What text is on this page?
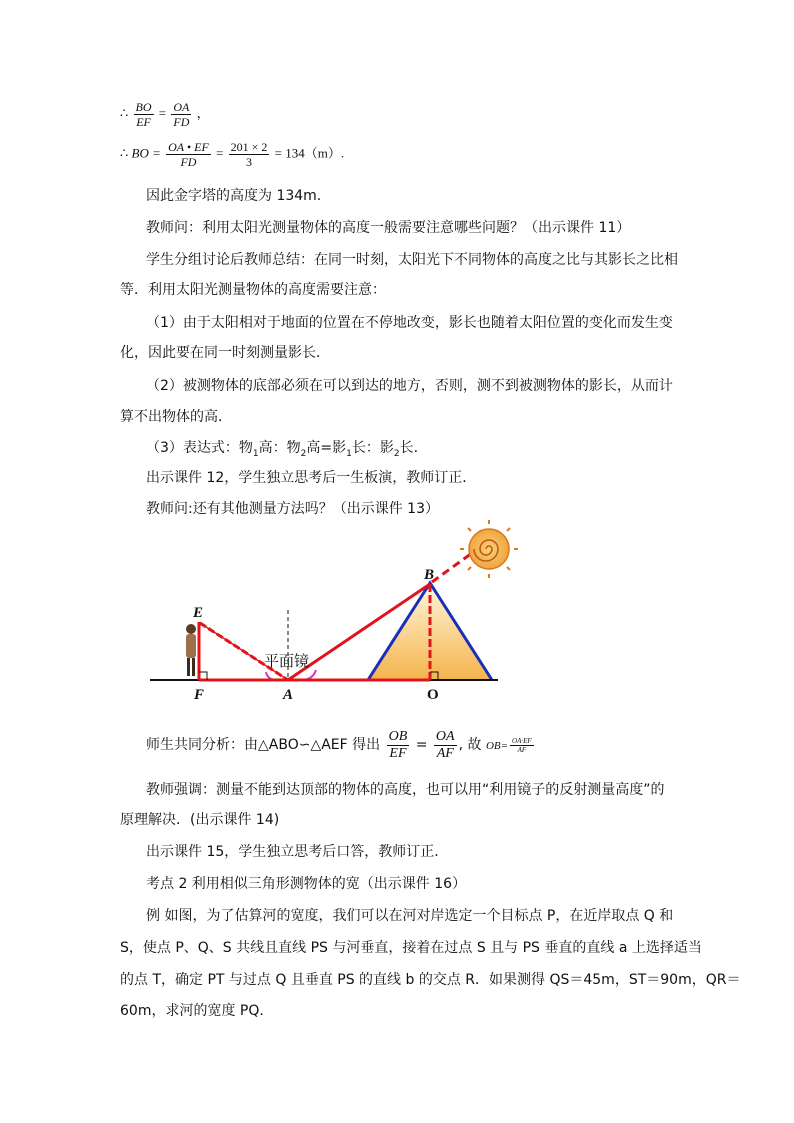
∴ $\frac{BO}{EF} = \frac{OA}{FD}$ ，
∴ BO = $\frac{OA • EF}{FD} = \frac{201 \times 2}{3} = 134(m)$.
因此金字塔的高度为 134m.
教师问：利用太阳光测量物体的高度一般需要注意哪些问题？（出示课件 11）
学生分组讨论后教师总结：在同一时刻，太阳光下不同物体的高度之比与其影长之比相
等．利用太阳光测量物体的高度需要注意：
（1）由于太阳相对于地面的位置在不停地改变，影长也随着太阳位置的变化而发生变
化，因此要在同一时刻测量影长．
（2）被测物体的底部必须在可以到达的地方，否则，测不到被测物体的影长，从而计
算不出物体的高．
（3）表达式：物$_1$高：物$_2$高=影$_1$长：影$_2$长.
出示课件 12，学生独立思考后一生板演，教师订正．
教师问:还有其他测量方法吗？（出示课件 13）
B
E
F	A	O
平面镜
师生共同分析：由△ABO∽△AEF 得出 $\frac{OB}{EF} = \frac{OA}{AF}$ , 故 $OB= \frac{OA\cdot EF}{AF}$
教师强调：测量不能到达顶部的物体的高度，也可以用“利用镜子的反射测量高度”的
原理解决．(出示课件 14)
出示课件 15，学生独立思考后口答，教师订正．
考点 2 利用相似三角形测物体的宽（出示课件 16）
例 如图，为了估算河的宽度，我们可以在河对岸选定一个目标点 P，在近岸取点 Q 和
S，使点 P、Q、S 共线且直线 PS 与河垂直，接着在过点 S 且与 PS 垂直的直线 a 上选择适当
的点 T，确定 PT 与过点 Q 且垂直 PS 的直线 b 的交点 R．如果测得 QS＝45m，ST＝90m，QR＝
60m，求河的宽度 PQ.
